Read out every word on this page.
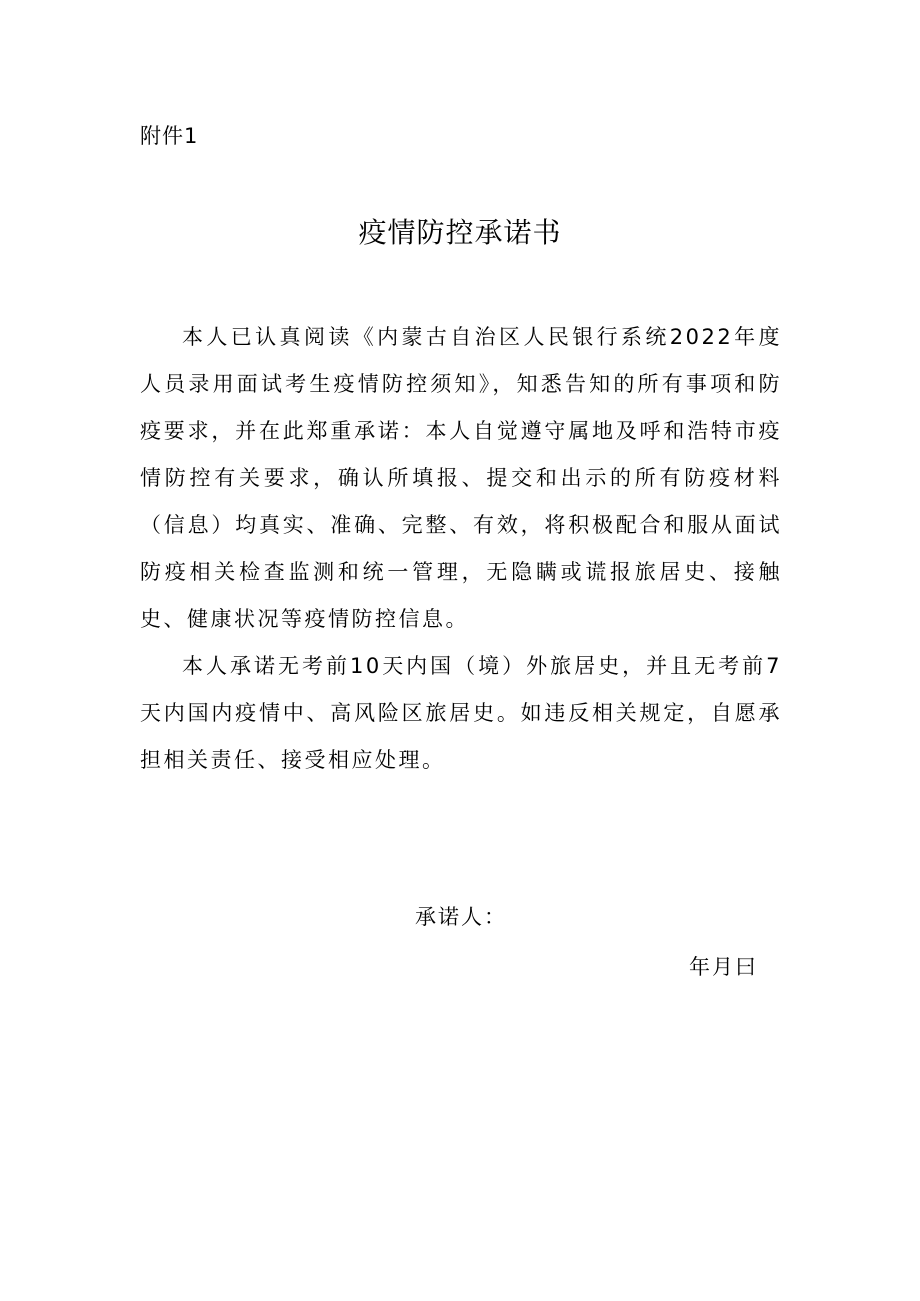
附件1
疫情防控承诺书

本人已认真阅读《内蒙古自治区人民银行系统2022年度人员录用面试考生疫情防控须知》，知悉告知的所有事项和防疫要求，并在此郑重承诺：本人自觉遵守属地及呼和浩特市疫情防控有关要求，确认所填报、提交和出示的所有防疫材料（信息）均真实、准确、完整、有效，将积极配合和服从面试防疫相关检查监测和统一管理，无隐瞒或谎报旅居史、接触史、健康状况等疫情防控信息。

本人承诺无考前10天内国（境）外旅居史，并且无考前7天内国内疫情中、高风险区旅居史。如违反相关规定，自愿承担相关责任、接受相应处理。

承诺人：
年月曰
